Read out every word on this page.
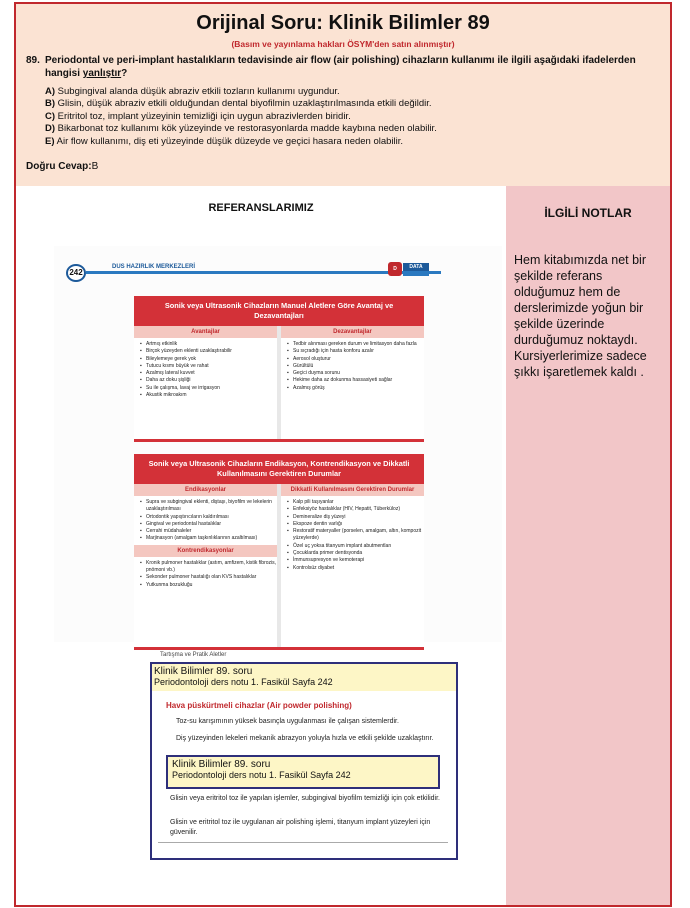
Orijinal Soru: Klinik Bilimler 89
(Basım ve yayınlama hakları ÖSYM'den satın alınmıştır)
89. Periodontal ve peri-implant hastalıkların tedavisinde air flow (air polishing) cihazların kullanımı ile ilgili aşağıdaki ifadelerden hangisi yanlıştır?
A) Subgingival alanda düşük abraziv etkili tozların kullanımı uygundur.
B) Glisin, düşük abraziv etkili olduğundan dental biyofilmin uzaklaştırılmasında etkili değildir.
C) Eritritol toz, implant yüzeyinin temizliği için uygun abrazivlerden biridir.
D) Bikarbonat toz kullanımı kök yüzeyinde ve restorasyonlarda madde kaybına neden olabilir.
E) Air flow kullanımı, diş eti yüzeyinde düşük düzeyde ve geçici hasara neden olabilir.
Doğru Cevap:B
REFERANSLARIMIZ
242
DUS HAZIRLIK MERKEZLERİ	D	DATA
Sonik veya Ultrasonik Cihazların Manuel Aletlere Göre Avantaj ve Dezavantajları
Avantajlar
▪ Artmış etkinlik
▪ Birçok yüzeyden eklenti uzaklaştırabilir
▪ Bileylemeye gerek yok
▪ Tutucu kısmı büyük ve rahat
▪ Azalmış lateral kuvvet
▪ Daha az doku şişliği
▪ Su ile çalışma, lavaj ve irrigasyon
▪ Akustik mikroakım
Dezavantajlar
▪ Tedbir alınması gereken durum ve limitasyon daha fazla
▪ Su sıçradığı için hasta konforu azalır
▪ Aerosol oluşturur
▪ Gürültülü
▪ Geçici duyma sorunu
▪ Hekime daha az dokunma hassasiyeti sağlar
▪ Azalmış görüş
Sonik veya Ultrasonik Cihazların Endikasyon, Kontrendikasyon ve Dikkatli Kullanılmasını Gerektiren Durumlar
Endikasyonlar
▪ Supra ve subgingival eklenti, diştaşı, biyofilm ve lekelerin uzaklaştırılması
▪ Ortodontik yapıştırıcıların kaldırılması
▪ Gingival ve periodontal hastalıklar
▪ Cerrahi müdahaleler
▪ Marjinasyon (amalgam taşkınlıklarının azaltılması)
Kontrendikasyonlar
▪ Kronik pulmoner hastalıklar (astım, amfizem, kistik fibrozis, pnömoni vb.)
▪ Sekonder pulmoner hastalığı olan KVS hastalıklar
▪ Yutkunma bozukluğu
Dikkatli Kullanılmasını Gerektiren Durumlar
▪ Kalp pili taşıyanlar
▪ Enfeksiyöz hastalıklar (HIV, Hepatit, Tüberküloz)
▪ Demineralize diş yüzeyi
▪ Ekspoze dentin varlığı
▪ Restoratif materyaller (porselen, amalgam, altın, kompozit yüzeylerde)
▪ Özel uç yoksa titanyum implant abutmentları
▪ Çocuklarda primer dentisyonda
▪ İmmunsupresyon ve kemoterapi
▪ Kontrolsüz diyabet
Tartışma ve Pratik Aletler
Klinik Bilimler 89. soru
Periodontoloji ders notu 1. Fasikül Sayfa 242
Hava püskürtmeli cihazlar (Air powder polishing)
Toz-su karışımının yüksek basınçla uygulanması ile çalışan sistemlerdir.
Diş yüzeyinden lekeleri mekanik abrazyon yoluyla hızla ve etkili şekilde uzaklaştırır.
Klinik Bilimler 89. soru
Periodontoloji ders notu 1. Fasikül Sayfa 242
Glisin veya eritritol toz ile yapılan işlemler, subgingival biyofilm temizliği için çok etkilidir.
Glisin ve eritritol toz ile uygulanan air polishing işlemi, titanyum implant yüzeyleri için güvenilir.
İLGİLİ NOTLAR
Hem kitabımızda net bir şekilde referans olduğumuz hem de derslerimizde yoğun bir şekilde üzerinde durduğumuz noktaydı. Kursiyerlerimize sadece şıkkı işaretlemek kaldı .
